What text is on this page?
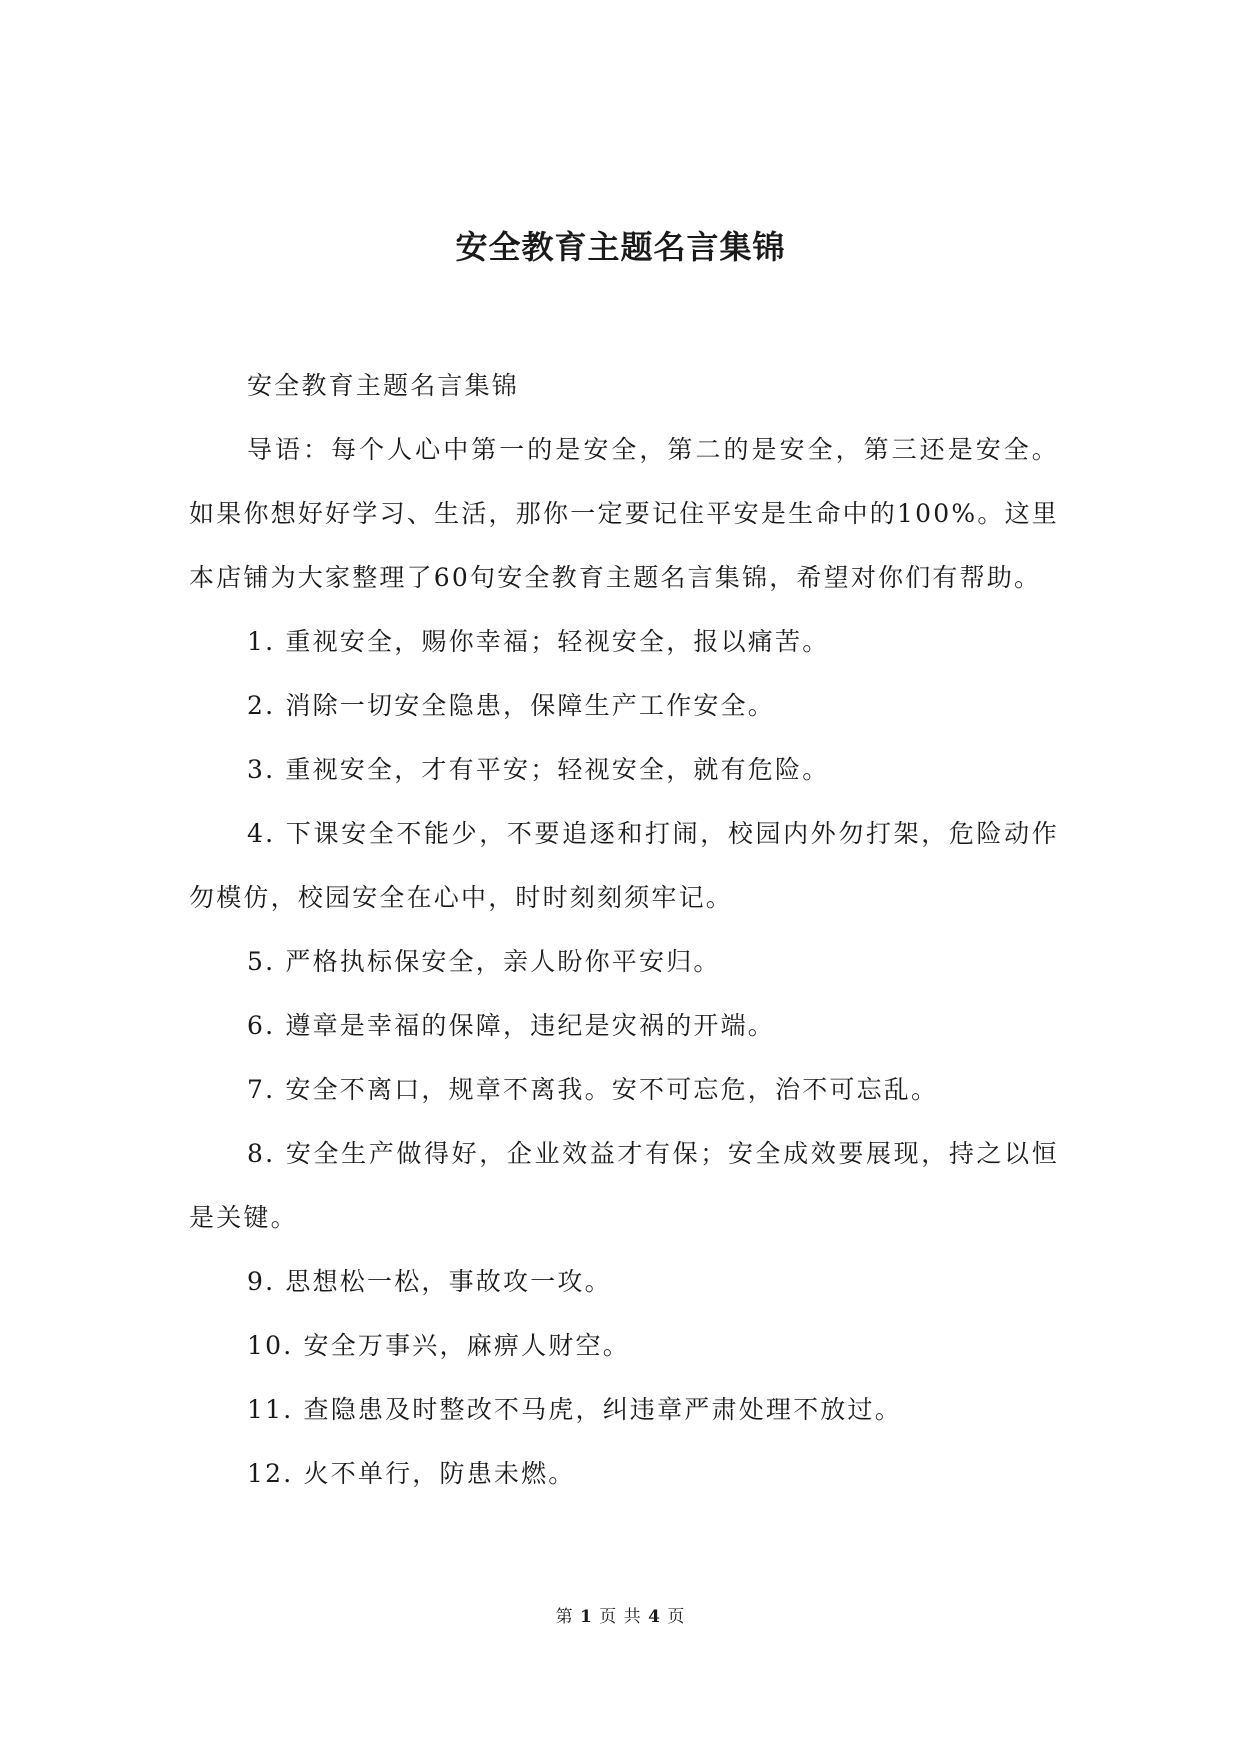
安全教育主题名言集锦

安全教育主题名言集锦

导语：每个人心中第一的是安全，第二的是安全，第三还是安全。如果你想好好学习、生活，那你一定要记住平安是生命中的100%。这里本店铺为大家整理了60句安全教育主题名言集锦，希望对你们有帮助。

1. 重视安全，赐你幸福；轻视安全，报以痛苦。

2. 消除一切安全隐患，保障生产工作安全。

3. 重视安全，才有平安；轻视安全，就有危险。

4. 下课安全不能少，不要追逐和打闹，校园内外勿打架，危险动作勿模仿，校园安全在心中，时时刻刻须牢记。

5. 严格执标保安全，亲人盼你平安归。

6. 遵章是幸福的保障，违纪是灾祸的开端。

7. 安全不离口，规章不离我。安不可忘危，治不可忘乱。

8. 安全生产做得好，企业效益才有保；安全成效要展现，持之以恒是关键。

9. 思想松一松，事故攻一攻。

10. 安全万事兴，麻痹人财空。

11. 查隐患及时整改不马虎，纠违章严肃处理不放过。

12. 火不单行，防患未燃。

第 1 页 共 4 页
